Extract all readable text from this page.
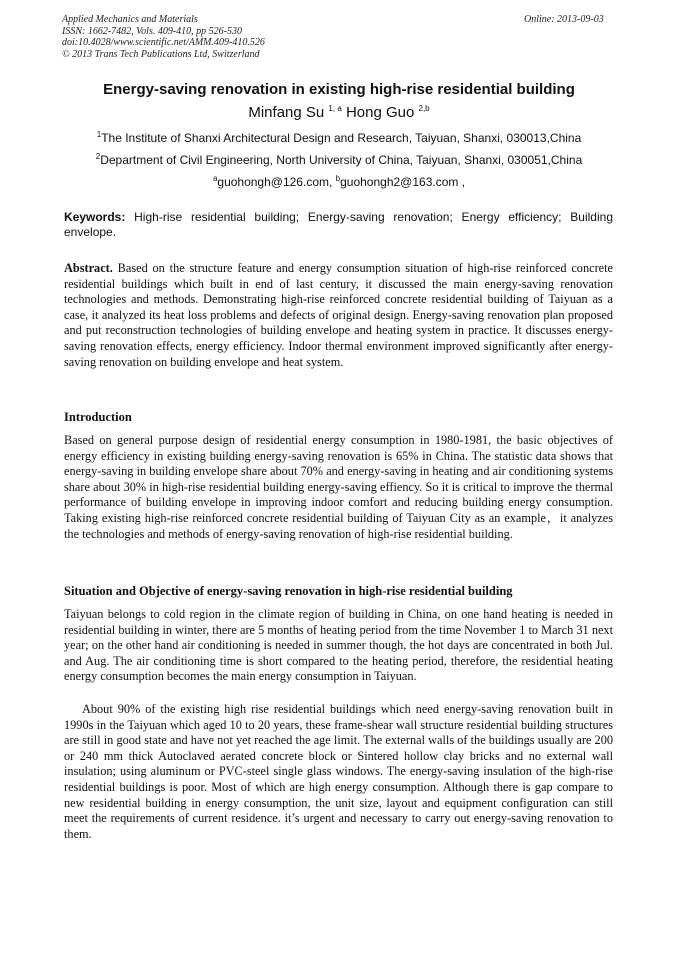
Applied Mechanics and Materials
ISSN: 1662-7482, Vols. 409-410, pp 526-530
doi:10.4028/www.scientific.net/AMM.409-410.526
© 2013 Trans Tech Publications Ltd, Switzerland
Online: 2013-09-03
Energy-saving renovation in existing high-rise residential building
Minfang Su $^{1, a}$ Hong Guo $^{2,b}$
$^1$The Institute of Shanxi Architectural Design and Research, Taiyuan, Shanxi, 030013,China
$^2$Department of Civil Engineering, North University of China, Taiyuan, Shanxi, 030051,China
$^a$guohongh@126.com, $^b$guohongh2@163.com ,
Keywords: High-rise residential building; Energy-saving renovation; Energy efficiency; Building envelope.
Abstract. Based on the structure feature and energy consumption situation of high-rise reinforced concrete residential buildings which built in end of last century, it discussed the main energy-saving renovation technologies and methods. Demonstrating high-rise reinforced concrete residential building of Taiyuan as a case, it analyzed its heat loss problems and defects of original design. Energy-saving renovation plan proposed and put reconstruction technologies of building envelope and heating system in practice. It discusses energy-saving renovation effects, energy efficiency. Indoor thermal environment improved significantly after energy-saving renovation on building envelope and heat system.
Introduction

Based on general purpose design of residential energy consumption in 1980-1981, the basic objectives of energy efficiency in existing building energy-saving renovation is 65% in China. The statistic data shows that energy-saving in building envelope share about 70% and energy-saving in heating and air conditioning systems share about 30% in high-rise residential building energy-saving effiency. So it is critical to improve the thermal performance of building envelope in improving indoor comfort and reducing building energy consumption. Taking existing high-rise reinforced concrete residential building of Taiyuan City as an example，it analyzes the technologies and methods of energy-saving renovation of high-rise residential building.

Situation and Objective of energy-saving renovation in high-rise residential building

Taiyuan belongs to cold region in the climate region of building in China, on one hand heating is needed in residential building in winter, there are 5 months of heating period from the time November 1 to March 31 next year; on the other hand air conditioning is needed in summer though, the hot days are concentrated in both Jul. and Aug. The air conditioning time is short compared to the heating period, therefore, the residential heating energy consumption becomes the main energy consumption in Taiyuan.

About 90% of the existing high rise residential buildings which need energy-saving renovation built in 1990s in the Taiyuan which aged 10 to 20 years, these frame-shear wall structure residential building structures are still in good state and have not yet reached the age limit. The external walls of the buildings usually are 200 or 240 mm thick Autoclaved aerated concrete block or Sintered hollow clay bricks and no external wall insulation; using aluminum or PVC-steel single glass windows. The energy-saving insulation of the high-rise residential buildings is poor. Most of which are high energy consumption. Although there is gap compare to new residential building in energy consumption, the unit size, layout and equipment configuration can still meet the requirements of current residence. it’s urgent and necessary to carry out energy-saving renovation to them.
